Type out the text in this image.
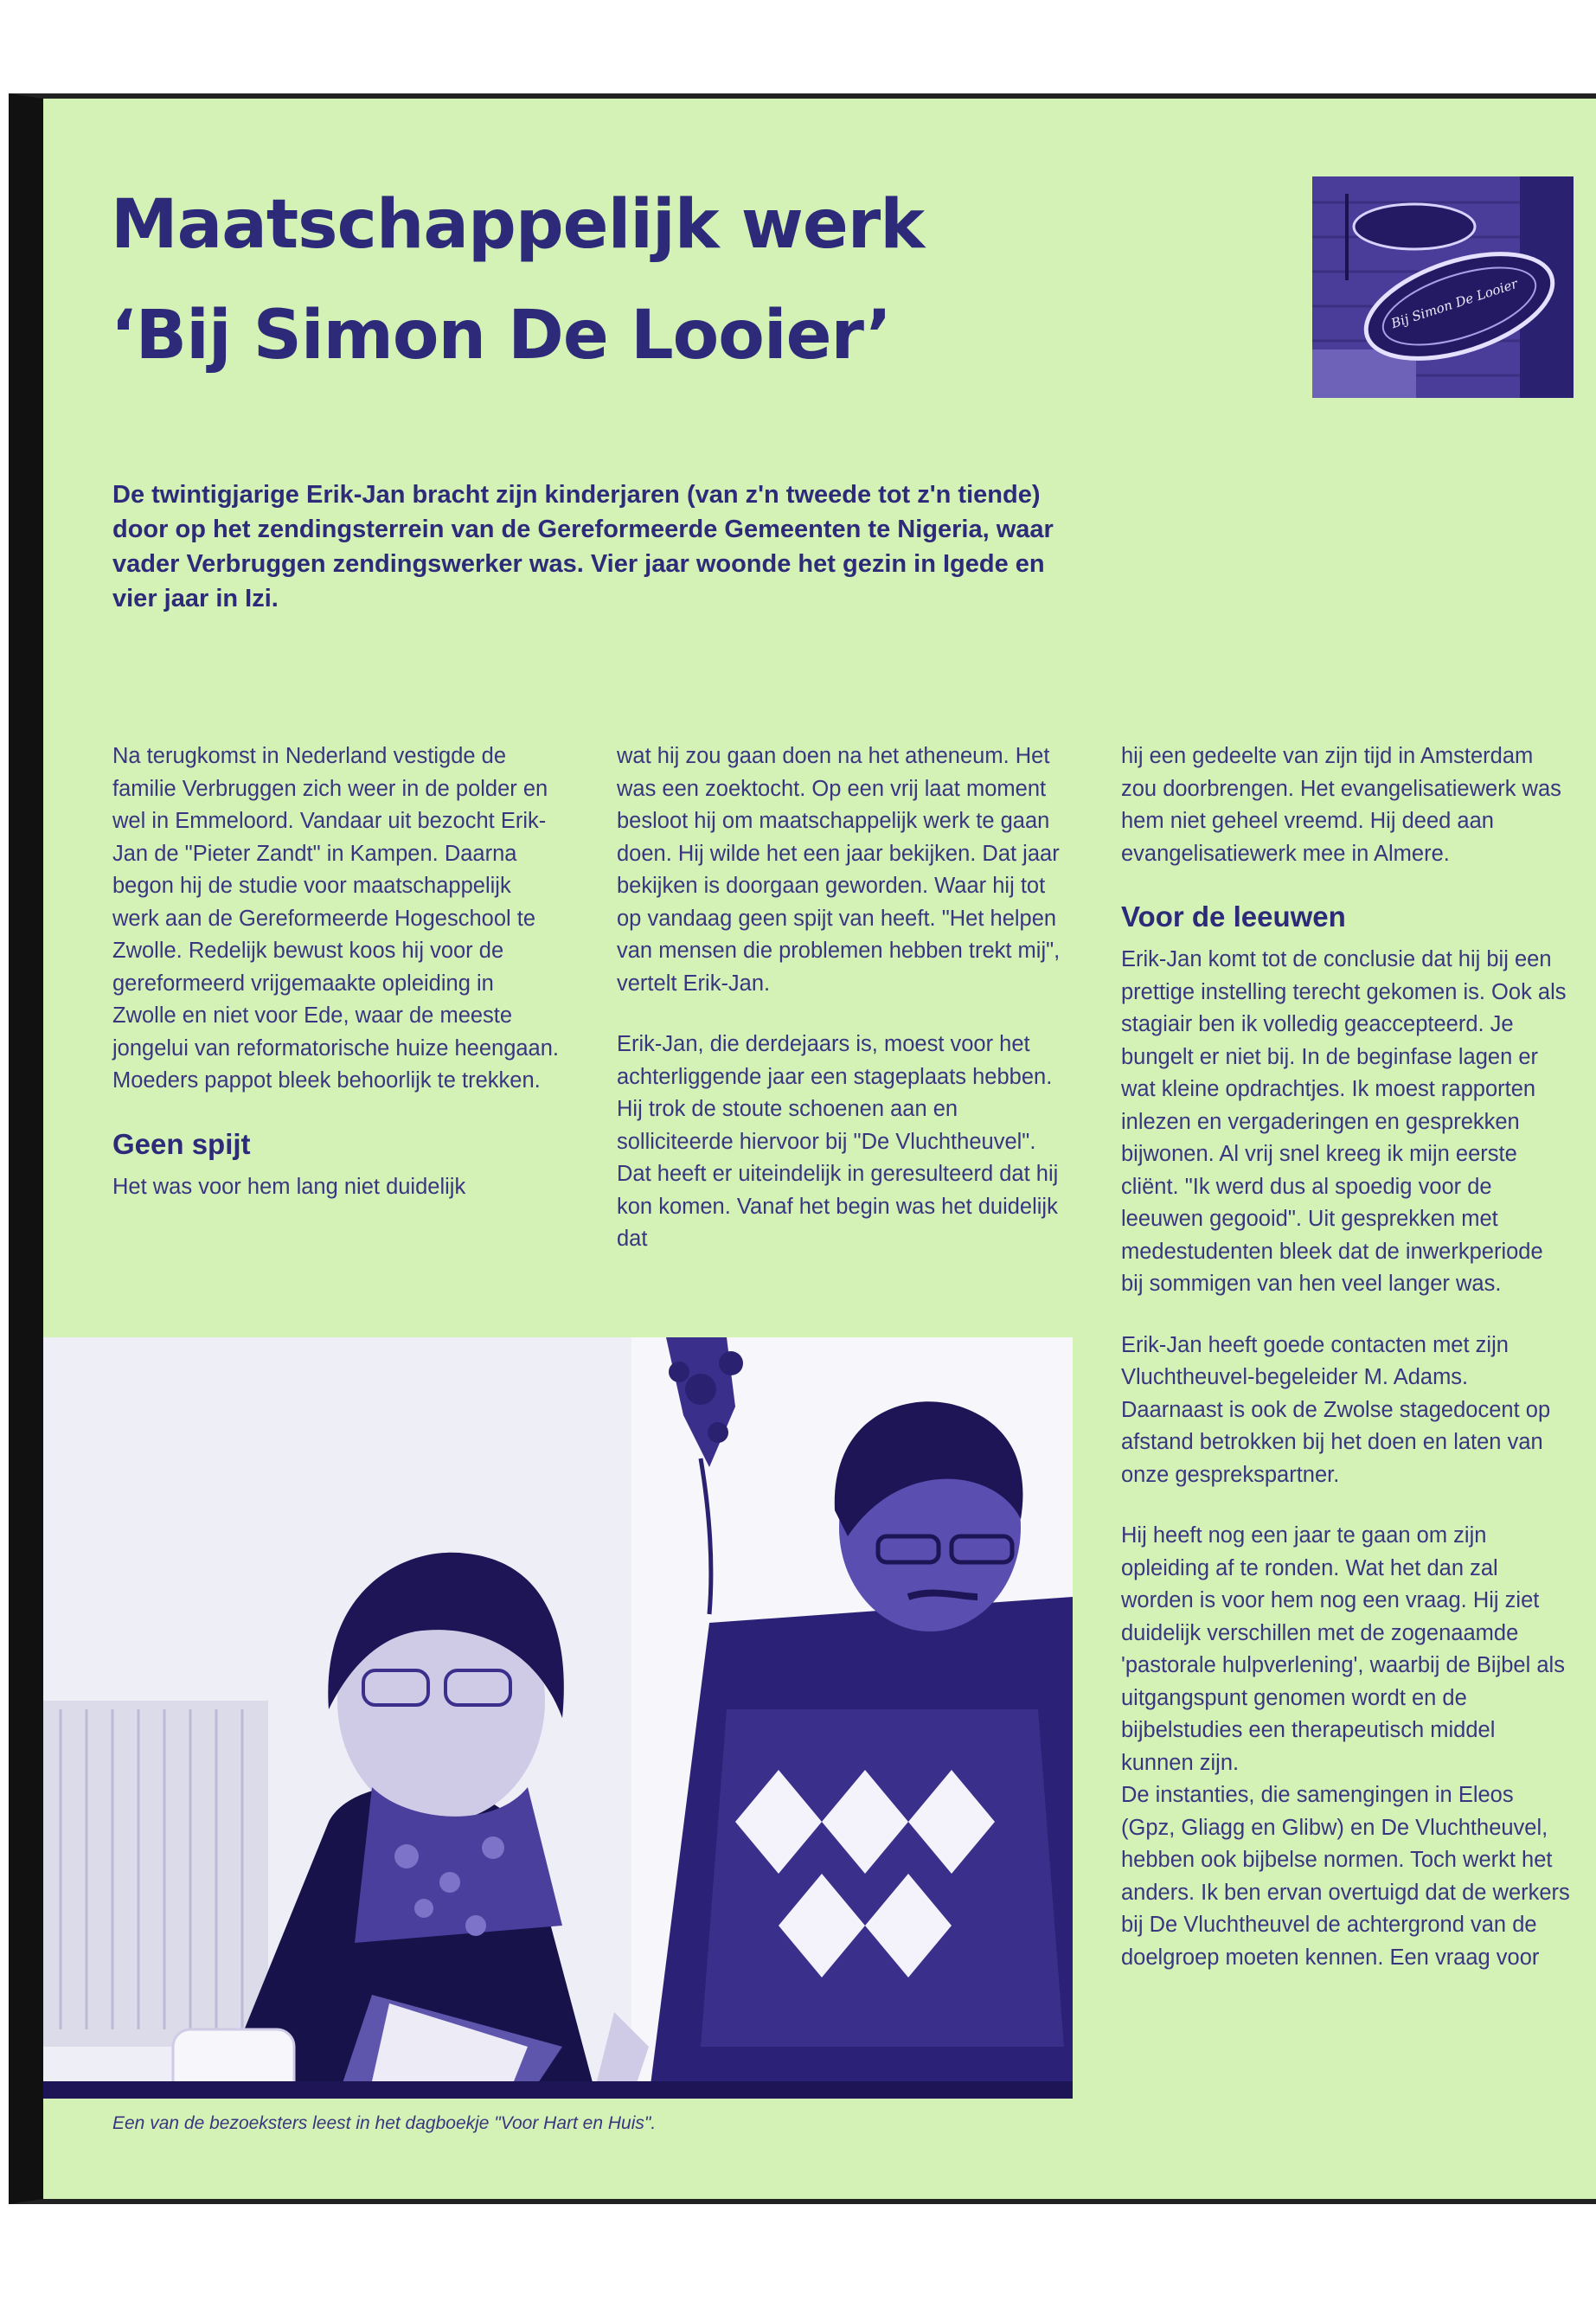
Maatschappelijk werk
‘Bij Simon De Looier’	Bij Simon De Looier

De twintigjarige Erik-Jan bracht zijn kinderjaren (van z'n tweede tot z'n tiende) door op het zendingsterrein van de Gereformeerde Gemeenten te Nigeria, waar vader Verbruggen zendingswerker was. Vier jaar woonde het gezin in Igede en vier jaar in Izi.

Na terugkomst in Nederland vestigde de familie Verbruggen zich weer in de polder en wel in Emmeloord. Vandaar uit bezocht Erik-Jan de "Pieter Zandt" in Kampen. Daarna begon hij de studie voor maatschappelijk werk aan de Gereformeerde Hogeschool te Zwolle. Redelijk bewust koos hij voor de gereformeerd vrijgemaakte opleiding in Zwolle en niet voor Ede, waar de meeste jongelui van reformatorische huize heengaan. Moeders pappot bleek behoorlijk te trekken.

Geen spijt

Het was voor hem lang niet duidelijk

wat hij zou gaan doen na het atheneum. Het was een zoektocht. Op een vrij laat moment besloot hij om maatschappelijk werk te gaan doen. Hij wilde het een jaar bekijken. Dat jaar bekijken is doorgaan geworden. Waar hij tot op vandaag geen spijt van heeft. "Het helpen van mensen die problemen hebben trekt mij", vertelt Erik-Jan.

Erik-Jan, die derdejaars is, moest voor het achterliggende jaar een stageplaats hebben. Hij trok de stoute schoenen aan en solliciteerde hiervoor bij "De Vluchtheuvel". Dat heeft er uiteindelijk in geresulteerd dat hij kon komen. Vanaf het begin was het duidelijk dat

hij een gedeelte van zijn tijd in Amsterdam zou doorbrengen. Het evangelisatiewerk was hem niet geheel vreemd. Hij deed aan evangelisatiewerk mee in Almere.

Voor de leeuwen

Erik-Jan komt tot de conclusie dat hij bij een prettige instelling terecht gekomen is. Ook als stagiair ben ik volledig geaccepteerd. Je bungelt er niet bij. In de beginfase lagen er wat kleine opdrachtjes. Ik moest rapporten inlezen en vergaderingen en gesprekken bijwonen. Al vrij snel kreeg ik mijn eerste cliënt. "Ik werd dus al spoedig voor de leeuwen gegooid". Uit gesprekken met medestudenten bleek dat de inwerkperiode bij sommigen van hen veel langer was.

Erik-Jan heeft goede contacten met zijn Vluchtheuvel-begeleider M. Adams. Daarnaast is ook de Zwolse stagedocent op afstand betrokken bij het doen en laten van onze gesprekspartner.

Hij heeft nog een jaar te gaan om zijn opleiding af te ronden. Wat het dan zal worden is voor hem nog een vraag. Hij ziet duidelijk verschillen met de zogenaamde 'pastorale hulpverlening', waarbij de Bijbel als uitgangspunt genomen wordt en de bijbelstudies een therapeutisch middel kunnen zijn.

De instanties, die samengingen in Eleos (Gpz, Gliagg en Glibw) en De Vluchtheuvel, hebben ook bijbelse normen. Toch werkt het anders. Ik ben ervan overtuigd dat de werkers bij De Vluchtheuvel de achtergrond van de doelgroep moeten kennen. Een vraag voor

Een van de bezoeksters leest in het dagboekje "Voor Hart en Huis".
